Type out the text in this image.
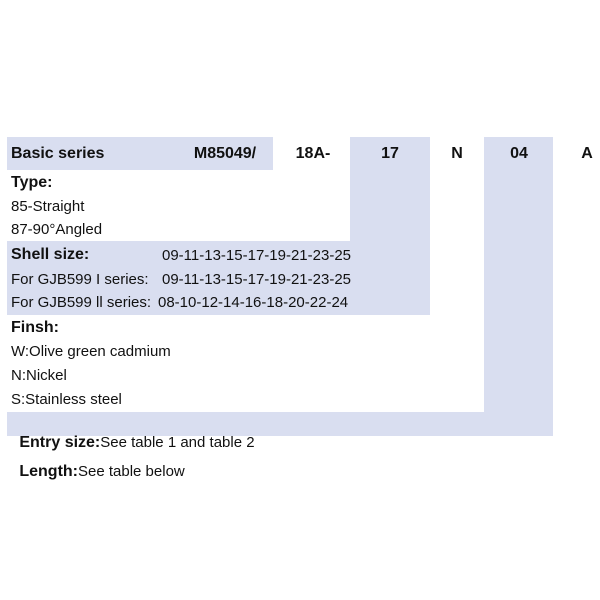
Basic series	M85049/	18A-	17	N	04	A
Type:
85-Straight
87-90°Angled
Shell size:	09-11-13-15-17-19-21-23-25
For GJB599 I series: 09-11-13-15-17-19-21-23-25
For GJB599 ll series: 08-10-12-14-16-18-20-22-24
Finsh:
W:Olive green cadmium
N:Nickel
S:Stainless steel

Entry size:See table 1 and table 2

Length:See table below
